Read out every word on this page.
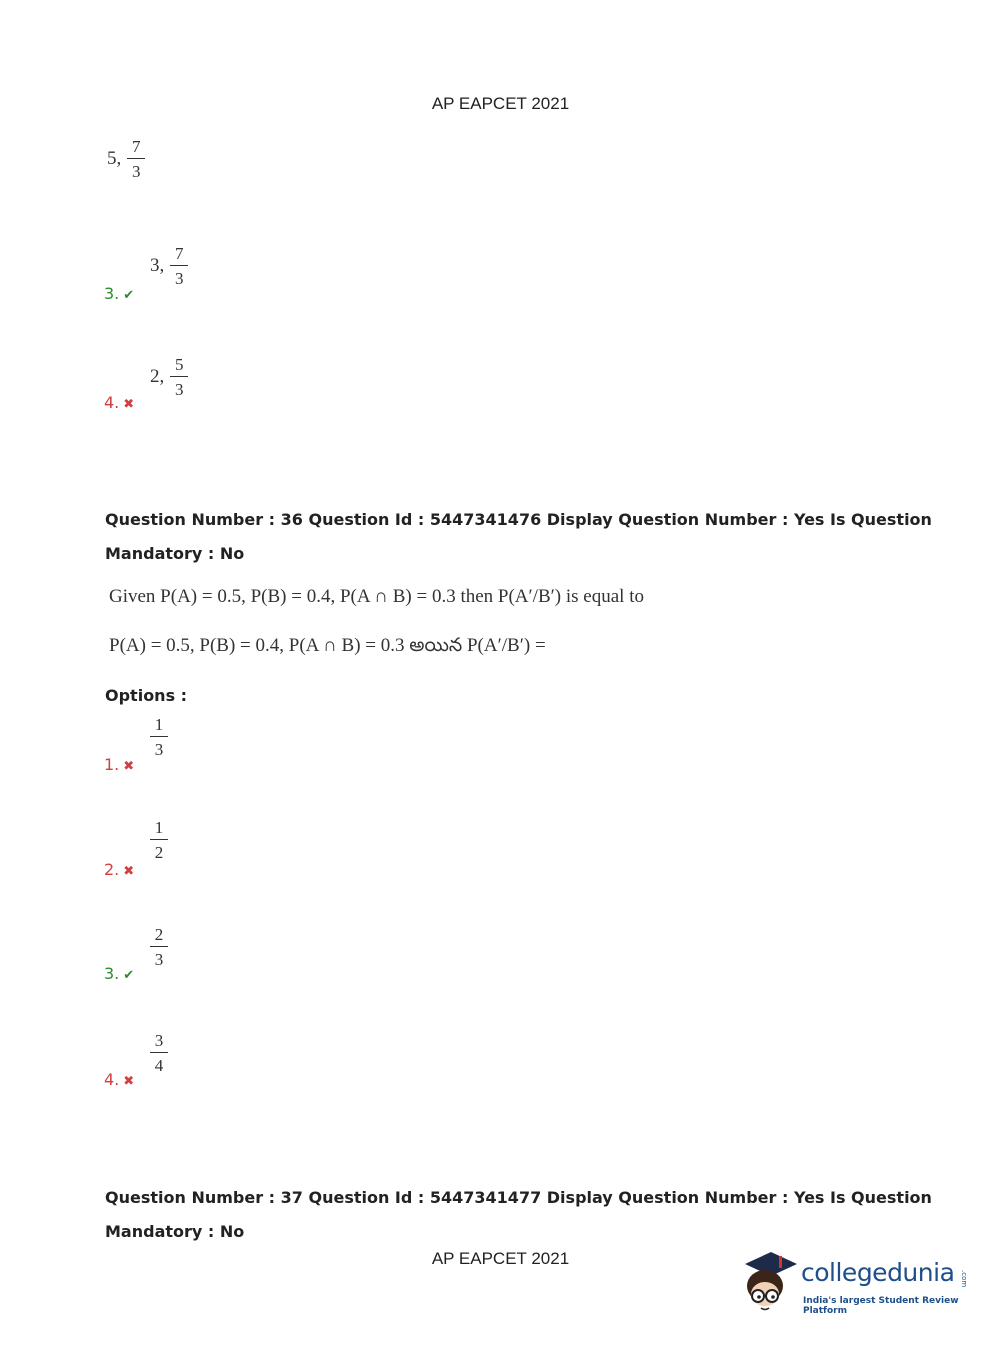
AP EAPCET 2021
5, $\frac{7}{3}$
3. ✔
3, $\frac{7}{3}$
4. ✖
2, $\frac{5}{3}$
Question Number : 36 Question Id : 5447341476 Display Question Number : Yes Is Question
Mandatory : No
Given P(A) = 0.5, P(B) = 0.4, P(A ∩ B) = 0.3 then P(A′/B′) is equal to
P(A) = 0.5, P(B) = 0.4, P(A ∩ B) = 0.3 అయిన P(A′/B′) =
Options :
1. ✖
$\frac{1}{3}$
2. ✖
$\frac{1}{2}$
3. ✔
$\frac{2}{3}$
4. ✖
$\frac{3}{4}$
Question Number : 37 Question Id : 5447341477 Display Question Number : Yes Is Question
Mandatory : No
AP EAPCET 2021	collegedunia .com
India's largest Student Review Platform
